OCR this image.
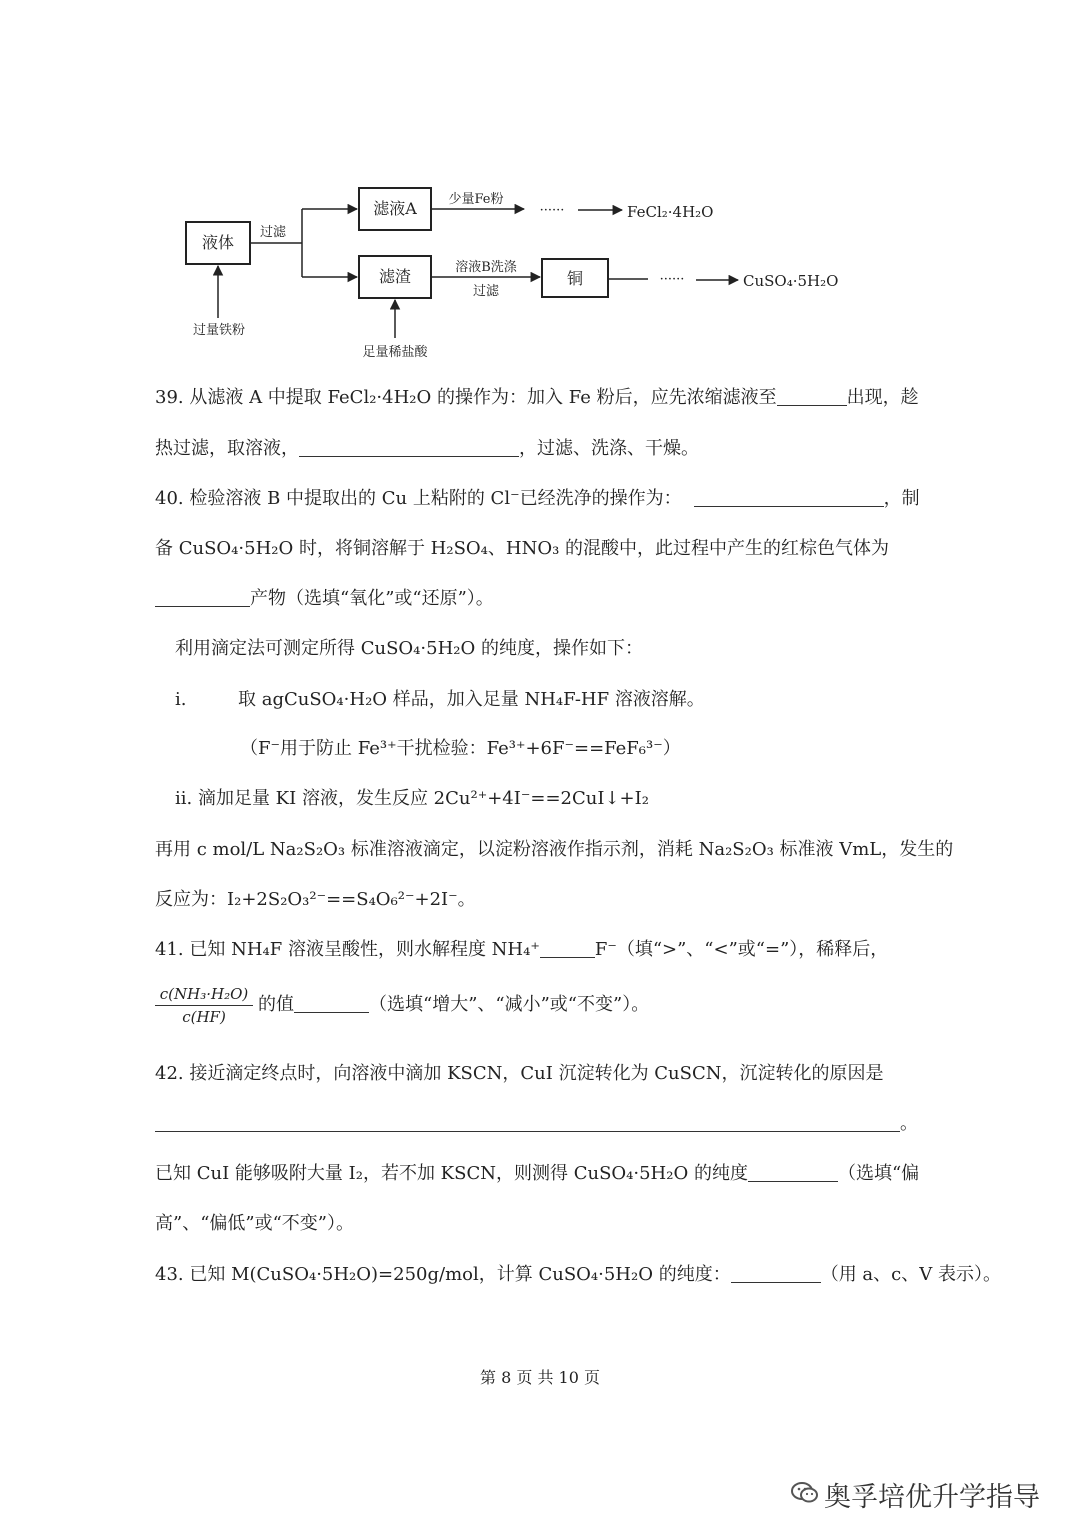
液体
滤液A
滤渣	铜
过滤
过量铁粉
足量稀盐酸
少量Fe粉
······	FeCl₂·4H₂O
溶液B洗涤
过滤
······	CuSO₄·5H₂O
39. 从滤液 A 中提取 FeCl₂·4H₂O 的操作为：加入 Fe 粉后，应先浓缩滤液至	出现，趁
热过滤，取溶液，	，过滤、洗涤、干燥。
40. 检验溶液 B 中提取出的 Cu 上粘附的 Cl⁻已经洗净的操作为：	，制
备 CuSO₄·5H₂O 时，将铜溶解于 H₂SO₄、HNO₃ 的混酸中，此过程中产生的红棕色气体为
产物（选填“氧化”或“还原”）。
利用滴定法可测定所得 CuSO₄·5H₂O 的纯度，操作如下：
i.	取 agCuSO₄·H₂O 样品，加入足量 NH₄F-HF 溶液溶解。
（F⁻用于防止 Fe³⁺干扰检验：Fe³⁺+6F⁻==FeF₆³⁻）
ii. 滴加足量 KI 溶液，发生反应 2Cu²⁺+4I⁻==2CuI↓+I₂
再用 c mol/L Na₂S₂O₃ 标准溶液滴定，以淀粉溶液作指示剂，消耗 Na₂S₂O₃ 标准液 VmL，发生的
反应为：I₂+2S₂O₃²⁻==S₄O₆²⁻+2I⁻。
41. 已知 NH₄F 溶液呈酸性，则水解程度 NH₄⁺	F⁻（填“>”、“<”或“=”），稀释后，
$\frac{\text{c(NH₃·H₂O)}}{c(HF)}$ 的值	（选填“增大”、“减小”或“不变”）。
42. 接近滴定终点时，向溶液中滴加 KSCN，CuI 沉淀转化为 CuSCN，沉淀转化的原因是
。
已知 CuI 能够吸附大量 I₂，若不加 KSCN，则测得 CuSO₄·5H₂O 的纯度	（选填“偏
高”、“偏低”或“不变”）。
43. 已知 M(CuSO₄·5H₂O)=250g/mol，计算 CuSO₄·5H₂O 的纯度：	（用 a、c、V 表示）。
第 8 页 共 10 页
奥孚培优升学指导
